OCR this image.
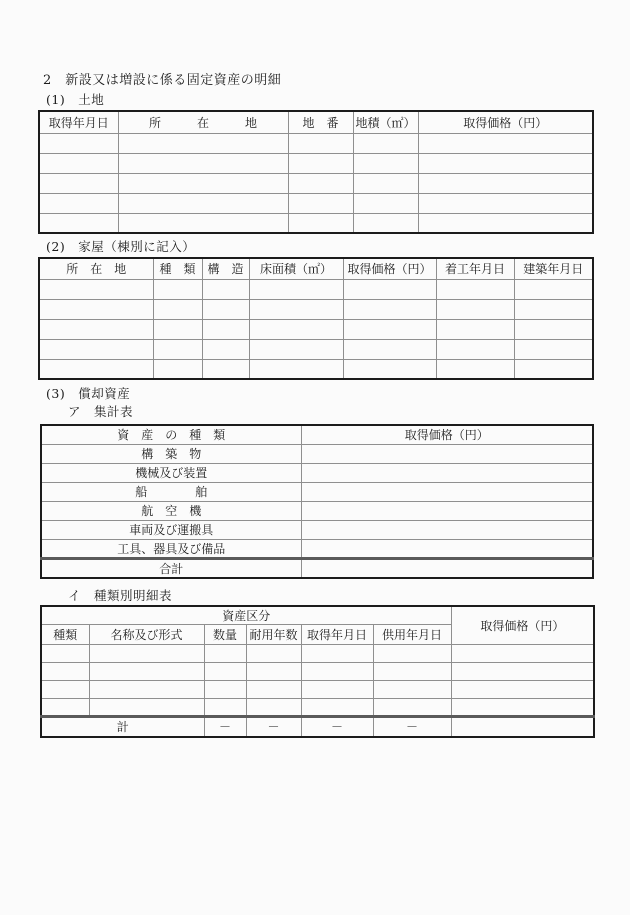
2　新設又は増設に係る固定資産の明細
(1)　土地
取得年月日	所　　　在　　　地	地　番	地積（㎡）	取得価格（円）

(2)　家屋（棟別に記入）
所　在　地	種　類	構　造	床面積（㎡）	取得価格（円）	着工年月日	建築年月日

(3)　償却資産
ア　集計表
資　産　の　種　類	取得価格（円）
構　築　物	
機械及び装置	
船　　　　舶	
航　空　機	
車両及び運搬具	
工具、器具及び備品	
合計	
イ　種類別明細表
資産区分						取得価格（円）
種類	名称及び形式	数量	耐用年数	取得年月日	供用年月日	

計		－	－	－	－	
